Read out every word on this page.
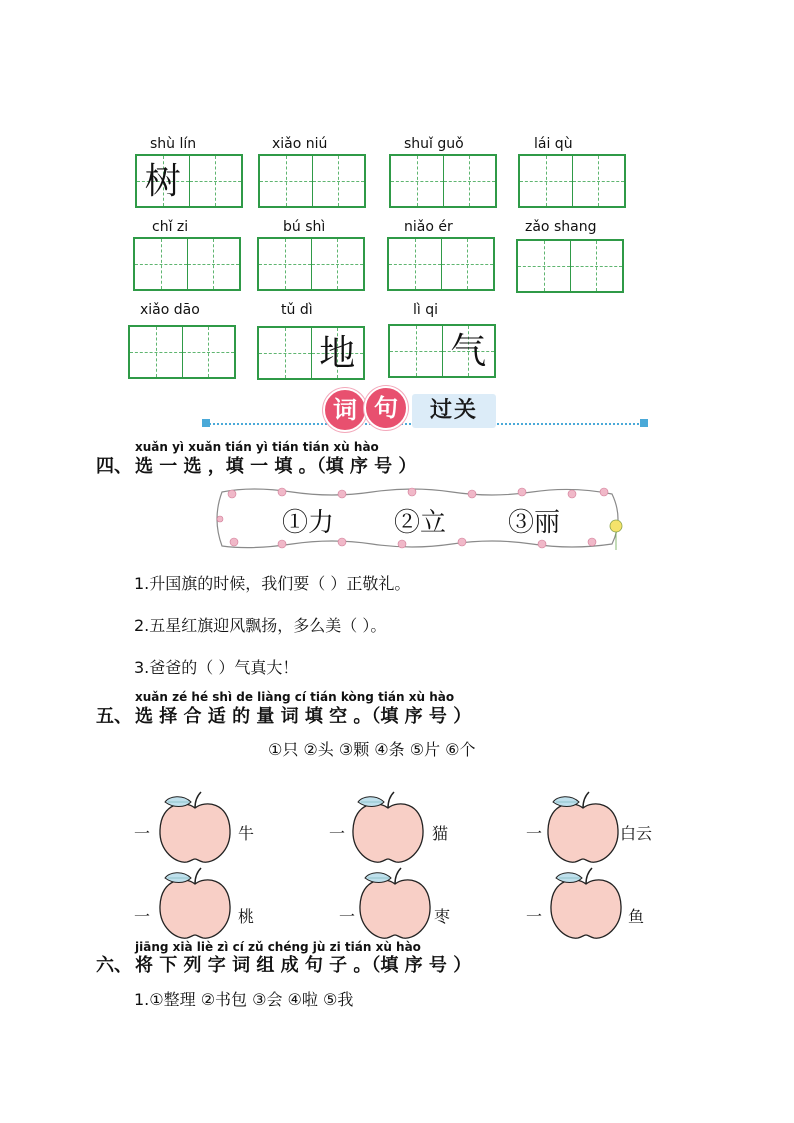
shù lín
树
xiǎo niú	shuǐ guǒ	lái qù
chǐ zi	bú shì	niǎo ér	zǎo shang
xiǎo dāo	tǔ dì
地
lì qi
气
词 句	过关
xuǎn yì xuǎn tián yì tián tián xù hào
四、 选 一 选 ，填 一 填 。（填 序 号 ）
①力 ②立 ③丽
1.升国旗的时候，我们要（ ）正敬礼。
2.五星红旗迎风飘扬，多么美（ ）。
3.爸爸的（ ）气真大！
xuǎn zé hé shì de liàng cí tián kòng tián xù hào
五、 选 择 合 适 的 量 词 填 空 。（填 序 号 ）
①只 ②头 ③颗 ④条 ⑤片 ⑥个
一	牛	一	猫	一	白云
一	桃	一	枣	一	鱼
jiāng xià liè zì cí zǔ chéng jù zi tián xù hào
六、 将 下 列 字 词 组 成 句 子 。（填 序 号 ）
1.①整理 ②书包 ③会 ④啦 ⑤我
